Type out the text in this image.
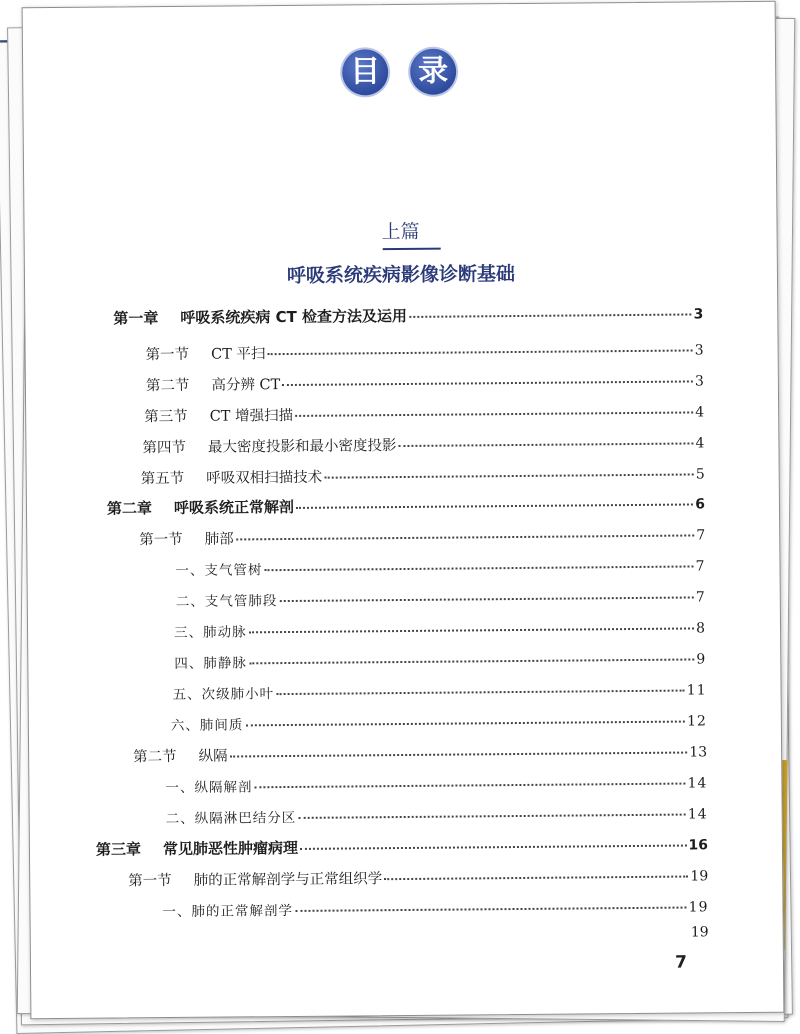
目 录
上篇
呼吸系统疾病影像诊断基础
第一章 呼吸系统疾病 CT 检查方法及运用	3
第一节 CT 平扫	3
第二节 高分辨 CT	3
第三节 CT 增强扫描	4
第四节 最大密度投影和最小密度投影	4
第五节 呼吸双相扫描技术	5
第二章 呼吸系统正常解剖	6
第一节 肺部	7
一、支气管树	7
二、支气管肺段	7
三、肺动脉	8
四、肺静脉	9
五、次级肺小叶	11
六、肺间质	12
第二节 纵隔	13
一、纵隔解剖	14
二、纵隔淋巴结分区	14
第三章 常见肺恶性肿瘤病理	16
第一节 肺的正常解剖学与正常组织学	19
一、肺的正常解剖学	19
19
7
